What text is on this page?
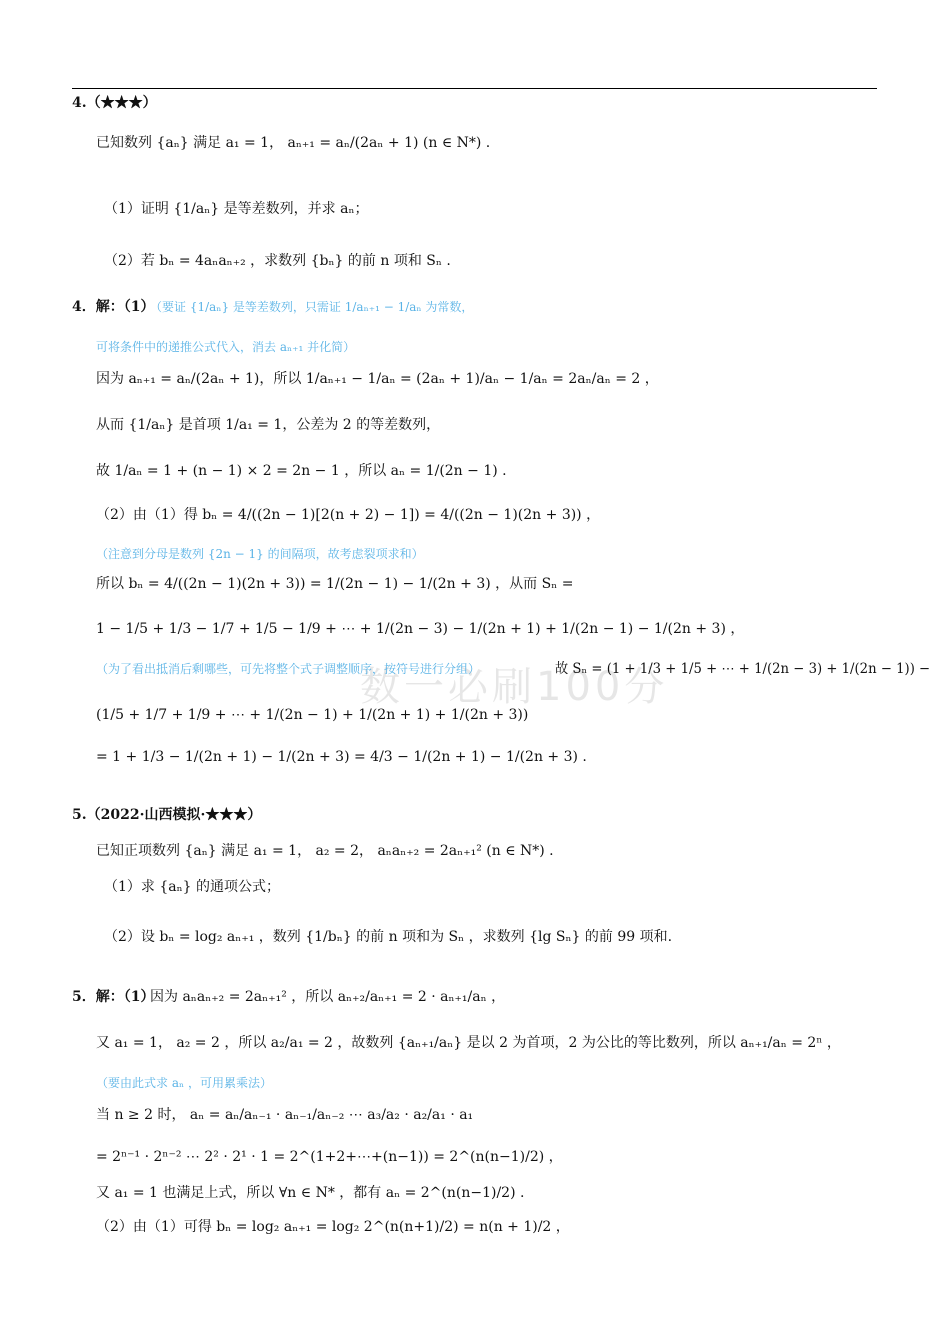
数一必刷100分
4.（★★★）
已知数列 {aₙ} 满足 a₁ = 1， aₙ₊₁ = aₙ/(2aₙ + 1) (n ∈ N*) .
（1）证明 {1/aₙ} 是等差数列，并求 aₙ；
（2）若 bₙ = 4aₙaₙ₊₂ ，求数列 {bₙ} 的前 n 项和 Sₙ .
4．解：（1）
（要证 {1/aₙ} 是等差数列，只需证 1/aₙ₊₁ − 1/aₙ 为常数，
可将条件中的递推公式代入，消去 aₙ₊₁ 并化简）
因为 aₙ₊₁ = aₙ/(2aₙ + 1)，所以 1/aₙ₊₁ − 1/aₙ = (2aₙ + 1)/aₙ − 1/aₙ = 2aₙ/aₙ = 2 ，
从而 {1/aₙ} 是首项 1/a₁ = 1，公差为 2 的等差数列，
故 1/aₙ = 1 + (n − 1) × 2 = 2n − 1 ，所以 aₙ = 1/(2n − 1) .
（2）由（1）得 bₙ = 4/((2n − 1)[2(n + 2) − 1]) = 4/((2n − 1)(2n + 3)) ，
（注意到分母是数列 {2n − 1} 的间隔项，故考虑裂项求和）
所以 bₙ = 4/((2n − 1)(2n + 3)) = 1/(2n − 1) − 1/(2n + 3) ，从而 Sₙ =
1 − 1/5 + 1/3 − 1/7 + 1/5 − 1/9 + ⋯ + 1/(2n − 3) − 1/(2n + 1) + 1/(2n − 1) − 1/(2n + 3) ，
（为了看出抵消后剩哪些，可先将整个式子调整顺序，按符号进行分组）	故 Sₙ = (1 + 1/3 + 1/5 + ⋯ + 1/(2n − 3) + 1/(2n − 1)) −
(1/5 + 1/7 + 1/9 + ⋯ + 1/(2n − 1) + 1/(2n + 1) + 1/(2n + 3))
= 1 + 1/3 − 1/(2n + 1) − 1/(2n + 3) = 4/3 − 1/(2n + 1) − 1/(2n + 3) .
5.（2022·山西模拟·★★★）
已知正项数列 {aₙ} 满足 a₁ = 1， a₂ = 2， aₙaₙ₊₂ = 2aₙ₊₁² (n ∈ N*) .
（1）求 {aₙ} 的通项公式；
（2）设 bₙ = log₂ aₙ₊₁ ，数列 {1/bₙ} 的前 n 项和为 Sₙ ，求数列 {lg Sₙ} 的前 99 项和.
5．解：（1）
因为 aₙaₙ₊₂ = 2aₙ₊₁² ，所以 aₙ₊₂/aₙ₊₁ = 2 · aₙ₊₁/aₙ ，
又 a₁ = 1， a₂ = 2 ，所以 a₂/a₁ = 2 ，故数列 {aₙ₊₁/aₙ} 是以 2 为首项，2 为公比的等比数列，所以 aₙ₊₁/aₙ = 2ⁿ ，
（要由此式求 aₙ ，可用累乘法）
当 n ≥ 2 时， aₙ = aₙ/aₙ₋₁ · aₙ₋₁/aₙ₋₂ ⋯ a₃/a₂ · a₂/a₁ · a₁
= 2ⁿ⁻¹ · 2ⁿ⁻² ⋯ 2² · 2¹ · 1 = 2^(1+2+⋯+(n−1)) = 2^(n(n−1)/2) ，
又 a₁ = 1 也满足上式，所以 ∀n ∈ N* ，都有 aₙ = 2^(n(n−1)/2) .
（2）由（1）可得 bₙ = log₂ aₙ₊₁ = log₂ 2^(n(n+1)/2) = n(n + 1)/2 ，
